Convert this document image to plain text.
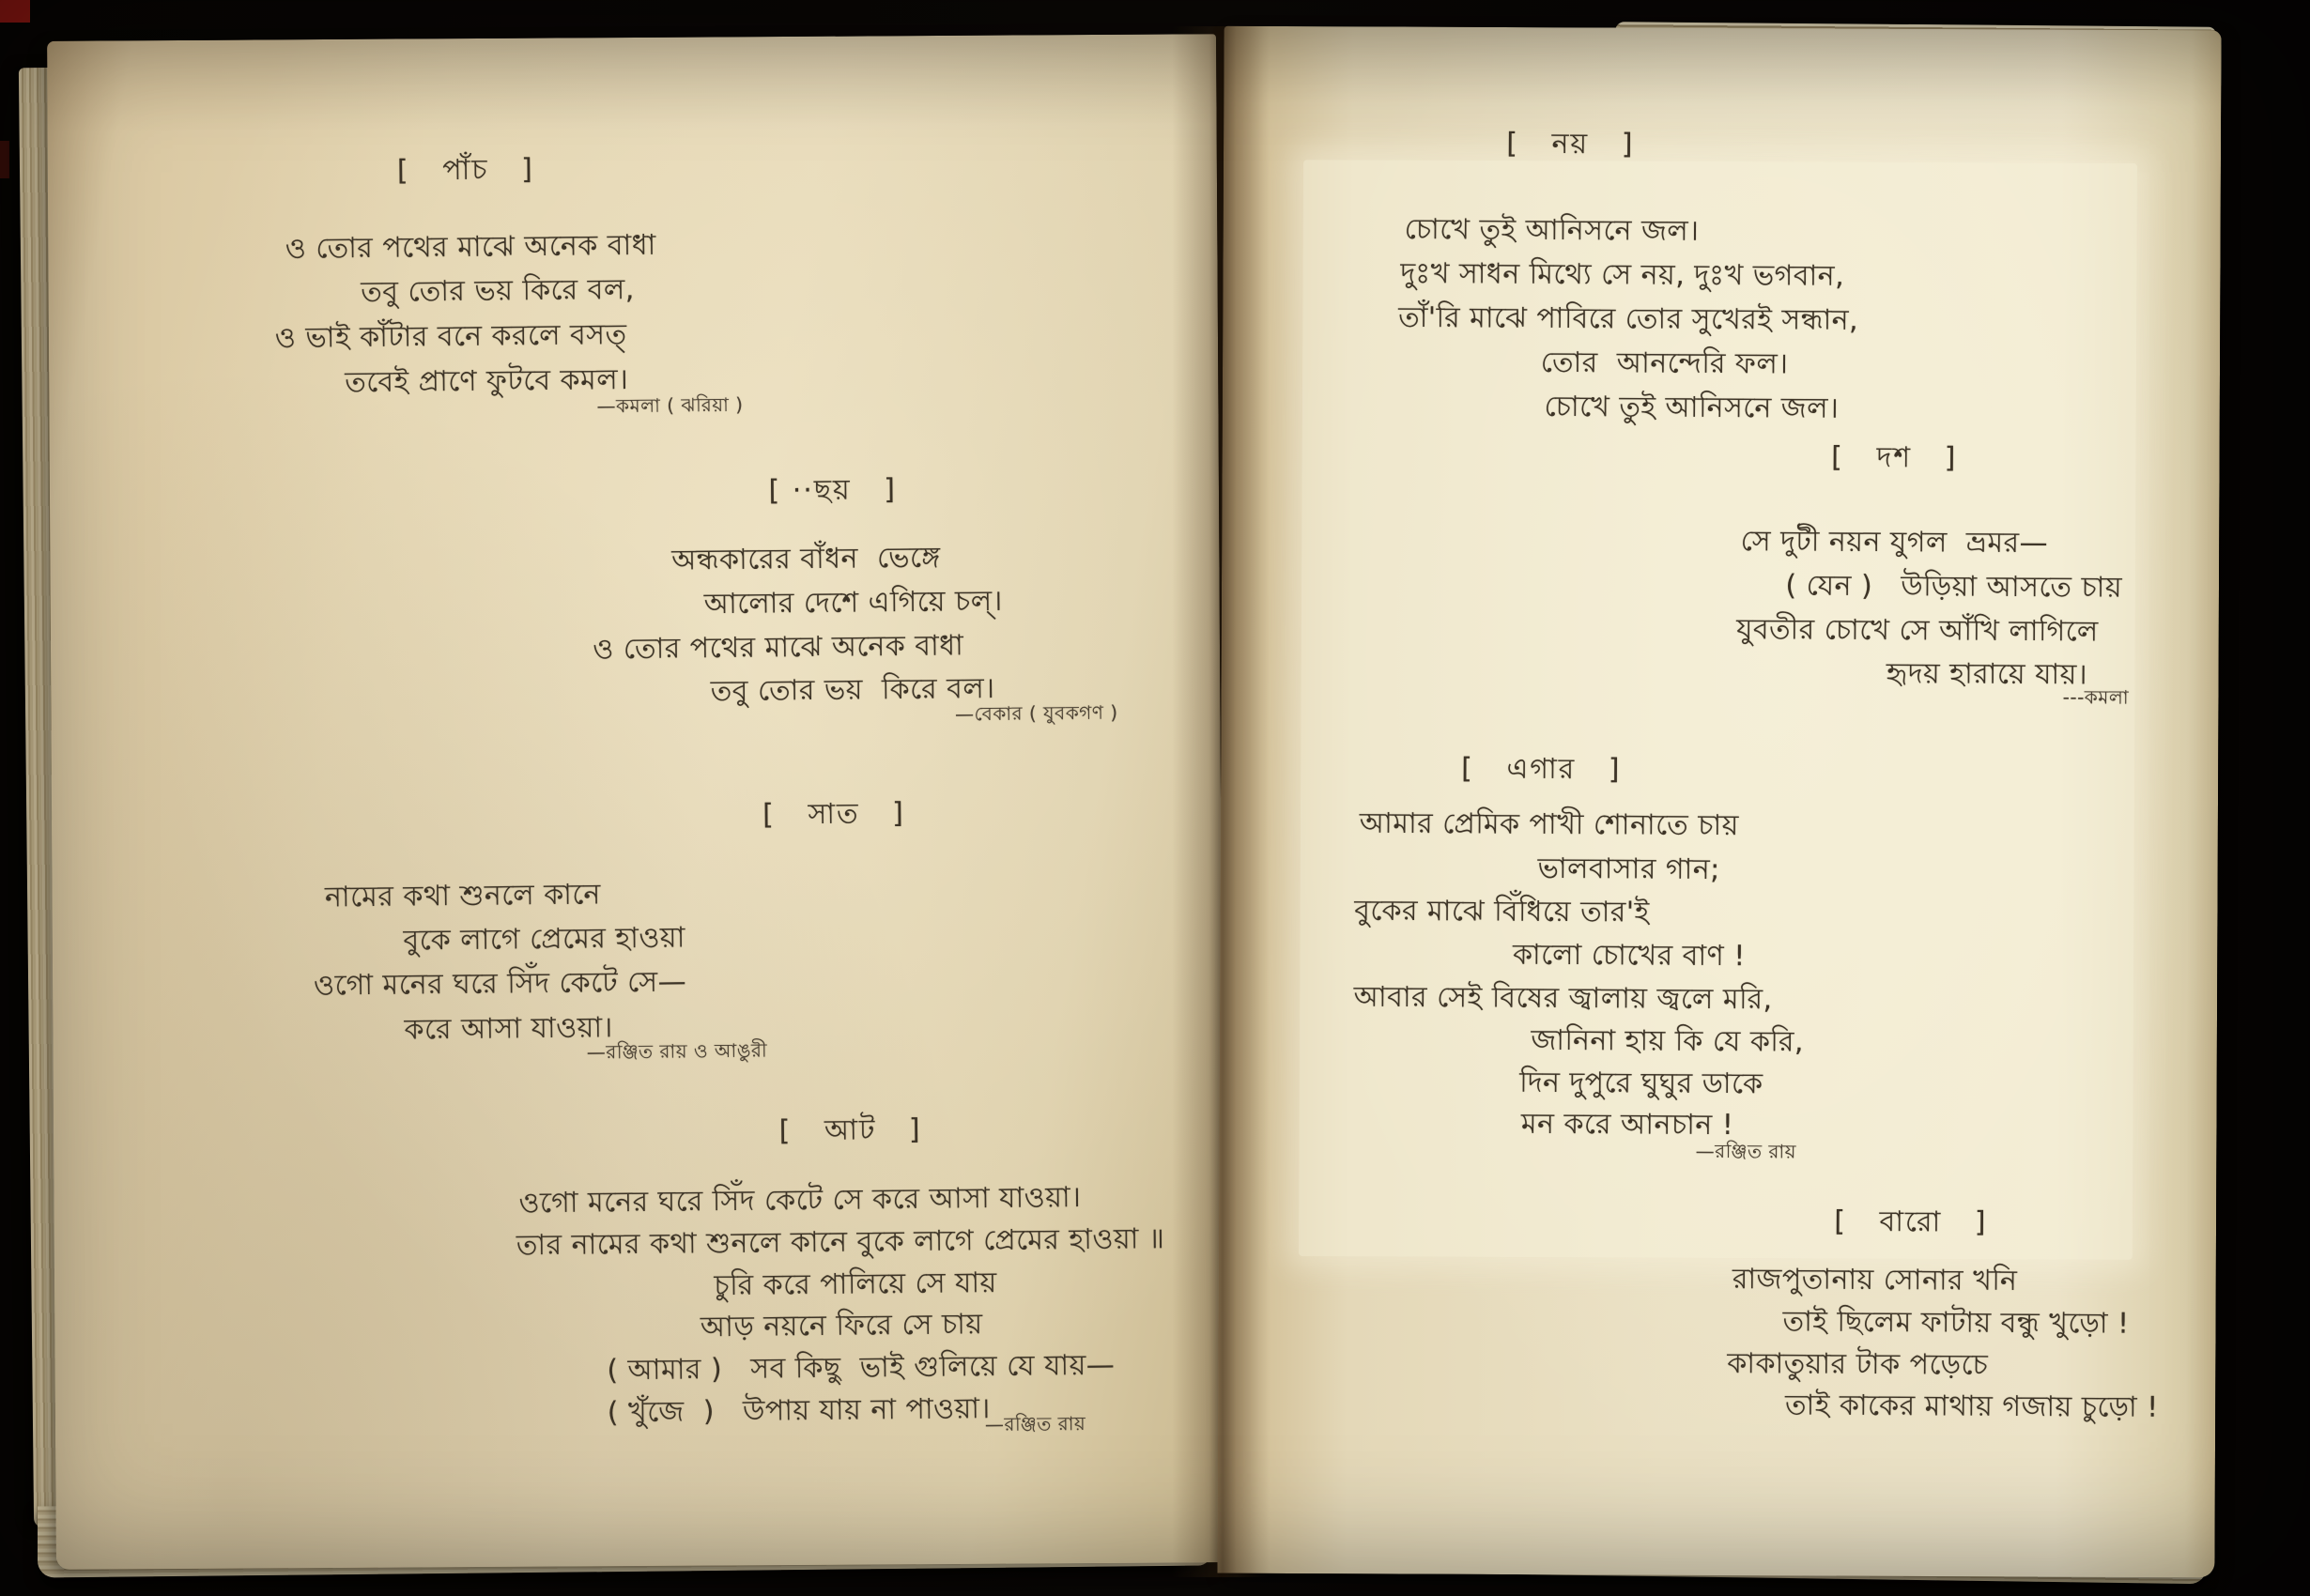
[   পাঁচ   ]
ও তোর পথের মাঝে অনেক বাধা
তবু তোর ভয় কিরে বল,
ও ভাই কাঁটার বনে করলে বসত্
তবেই প্রাণে ফুটবে কমল।
—কমলা ( ঝরিয়া )
[ ··ছয়   ]
অন্ধকারের বাঁধন  ভেঙ্গে
আলোর দেশে এগিয়ে চল্।
ও তোর পথের মাঝে অনেক বাধা
তবু তোর ভয়  কিরে বল।
—বেকার ( যুবকগণ )
[   সাত   ]
নামের কথা শুনলে কানে
বুকে লাগে প্রেমের হাওয়া
ওগো মনের ঘরে সিঁদ কেটে সে—
করে আসা যাওয়া।
—রঞ্জিত রায় ও আঙুরী
[   আট   ]
ওগো মনের ঘরে সিঁদ কেটে সে করে আসা যাওয়া।
তার নামের কথা শুনলে কানে বুকে লাগে প্রেমের হাওয়া ॥
চুরি করে পালিয়ে সে যায়
আড় নয়নে ফিরে সে চায়
( আমার )   সব কিছু  ভাই গুলিয়ে যে যায়—
( খুঁজে  )   উপায় যায় না পাওয়া।
—রঞ্জিত রায়
[   নয়   ]
চোখে তুই আনিসনে জল।
দুঃখ সাধন মিথ্যে সে নয়, দুঃখ ভগবান,
তাঁ'রি মাঝে পাবিরে তোর সুখেরই সন্ধান,
তোর  আনন্দেরি ফল।
চোখে তুই আনিসনে জল।
[   দশ   ]
সে দুটী নয়ন যুগল  ভ্রমর—
( যেন )   উড়িয়া আসতে চায়
যুবতীর চোখে সে আঁখি লাগিলে
হৃদয় হারায়ে যায়।
---কমলা
[   এগার   ]
আমার প্রেমিক পাখী শোনাতে চায়
ভালবাসার গান;
বুকের মাঝে বিঁধিয়ে তার'ই
কালো চোখের বাণ !
আবার সেই বিষের জ্বালায় জ্বলে মরি,
জানিনা হায় কি যে করি,
দিন দুপুরে ঘুঘুর ডাকে
মন করে আনচান !
—রঞ্জিত রায়
[   বারো   ]
রাজপুতানায় সোনার খনি
তাই ছিলেম ফাটায় বন্ধু খুড়ো !
কাকাতুয়ার টাক পড়েচে
তাই কাকের মাথায় গজায় চুড়ো !
